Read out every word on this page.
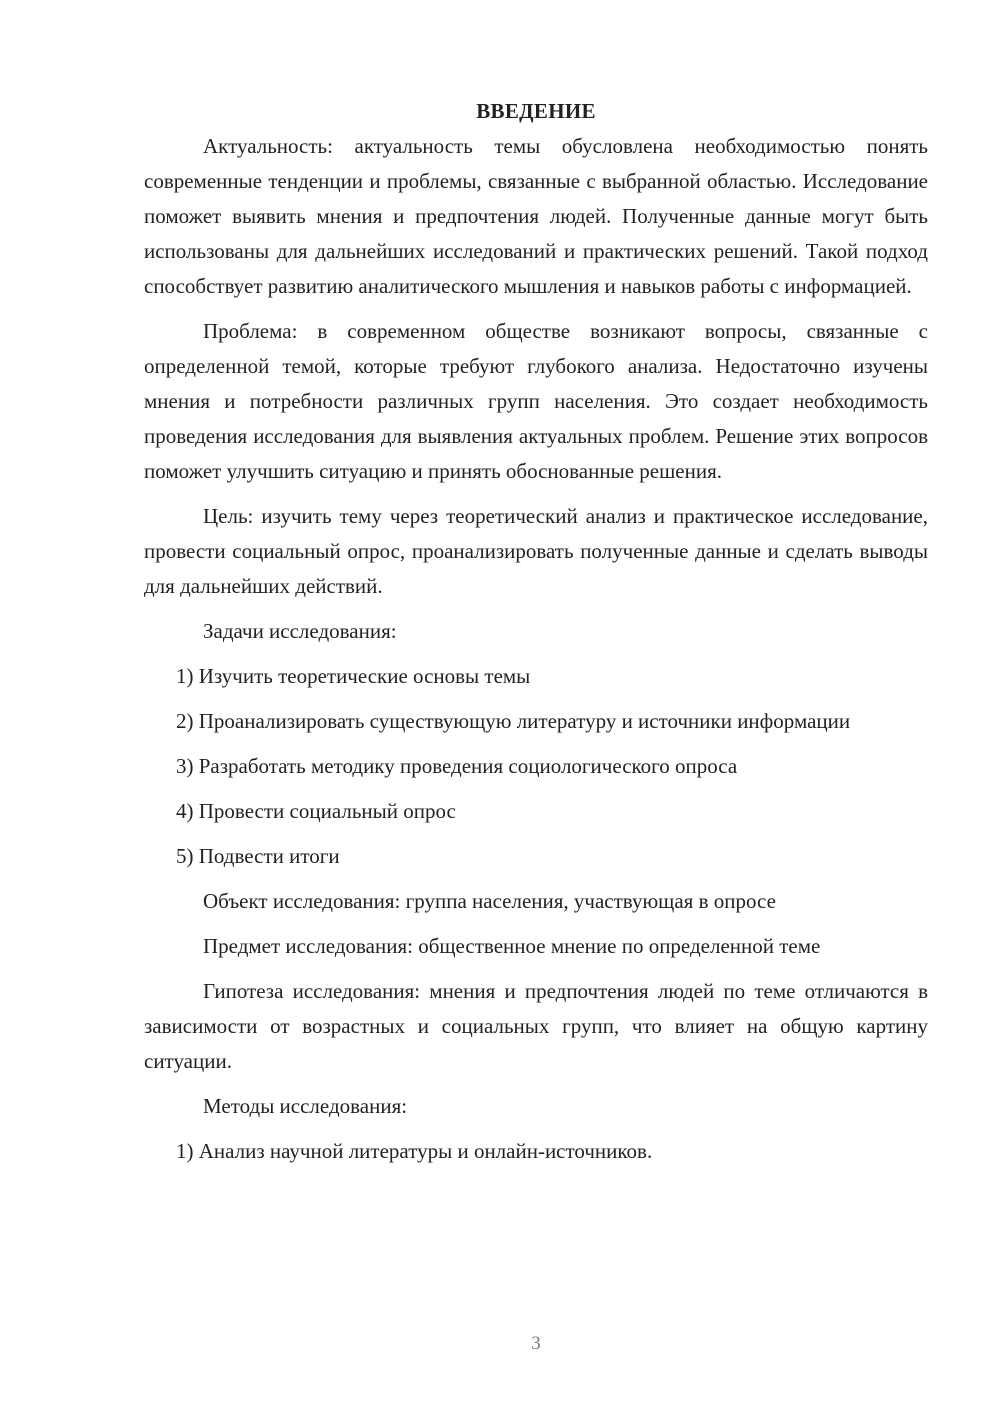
ВВЕДЕНИЕ

Актуальность: актуальность темы обусловлена необходимостью понять современные тенденции и проблемы, связанные с выбранной областью. Исследование поможет выявить мнения и предпочтения людей. Полученные данные могут быть использованы для дальнейших исследований и практических решений. Такой подход способствует развитию аналитического мышления и навыков работы с информацией.

Проблема: в современном обществе возникают вопросы, связанные с определенной темой, которые требуют глубокого анализа. Недостаточно изучены мнения и потребности различных групп населения. Это создает необходимость проведения исследования для выявления актуальных проблем. Решение этих вопросов поможет улучшить ситуацию и принять обоснованные решения.

Цель: изучить тему через теоретический анализ и практическое исследование, провести социальный опрос, проанализировать полученные данные и сделать выводы для дальнейших действий.

Задачи исследования:

1) Изучить теоретические основы темы

2) Проанализировать существующую литературу и источники информации

3) Разработать методику проведения социологического опроса

4) Провести социальный опрос

5) Подвести итоги

Объект исследования: группа населения, участвующая в опросе

Предмет исследования: общественное мнение по определенной теме

Гипотеза исследования: мнения и предпочтения людей по теме отличаются в зависимости от возрастных и социальных групп, что влияет на общую картину ситуации.

Методы исследования:

1) Анализ научной литературы и онлайн-источников.

3
